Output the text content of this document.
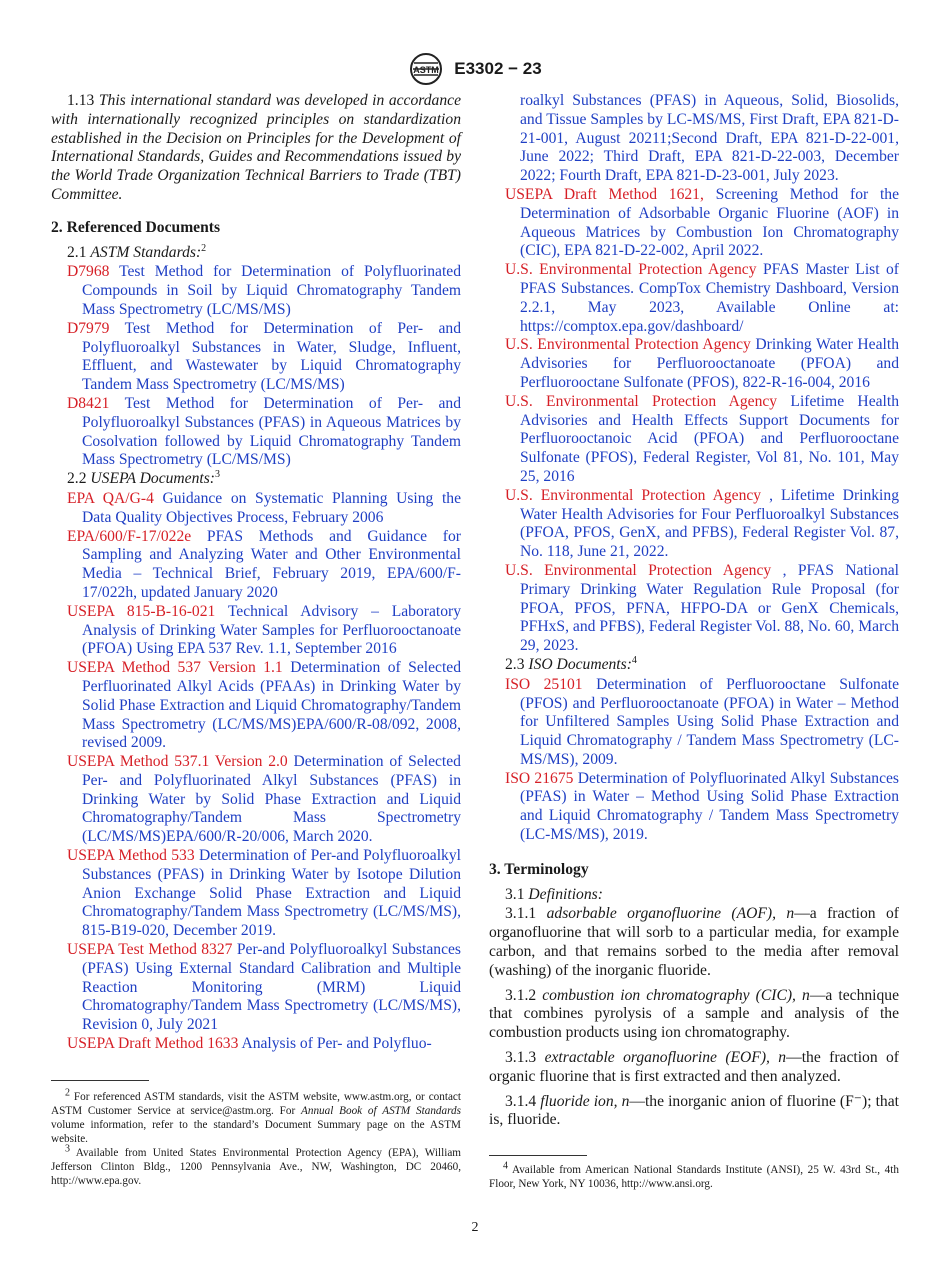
ASTM E3302 − 23

1.13 This international standard was developed in accordance with internationally recognized principles on standardization established in the Decision on Principles for the Development of International Standards, Guides and Recommendations issued by the World Trade Organization Technical Barriers to Trade (TBT) Committee.

2. Referenced Documents
2.1 ASTM Standards:$^2$

D7968 Test Method for Determination of Polyfluorinated Compounds in Soil by Liquid Chromatography Tandem Mass Spectrometry (LC/MS/MS)

D7979 Test Method for Determination of Per- and Polyfluoroalkyl Substances in Water, Sludge, Influent, Effluent, and Wastewater by Liquid Chromatography Tandem Mass Spectrometry (LC/MS/MS)

D8421 Test Method for Determination of Per- and Polyfluoroalkyl Substances (PFAS) in Aqueous Matrices by Cosolvation followed by Liquid Chromatography Tandem Mass Spectrometry (LC/MS/MS)

2.2 USEPA Documents:$^3$

EPA QA/G-4 Guidance on Systematic Planning Using the Data Quality Objectives Process, February 2006

EPA/600/F-17/022e PFAS Methods and Guidance for Sampling and Analyzing Water and Other Environmental Media – Technical Brief, February 2019, EPA/600/F-17/022h, updated January 2020

USEPA 815-B-16-021 Technical Advisory – Laboratory Analysis of Drinking Water Samples for Perfluorooctanoate (PFOA) Using EPA 537 Rev. 1.1, September 2016

USEPA Method 537 Version 1.1 Determination of Selected Perfluorinated Alkyl Acids (PFAAs) in Drinking Water by Solid Phase Extraction and Liquid Chromatography/Tandem Mass Spectrometry (LC/MS/MS)EPA/600/R-08/092, 2008, revised 2009.

USEPA Method 537.1 Version 2.0 Determination of Selected Per- and Polyfluorinated Alkyl Substances (PFAS) in Drinking Water by Solid Phase Extraction and Liquid Chromatography/Tandem Mass Spectrometry (LC/MS/MS)EPA/600/R-20/006, March 2020.

USEPA Method 533 Determination of Per-and Polyfluoroalkyl Substances (PFAS) in Drinking Water by Isotope Dilution Anion Exchange Solid Phase Extraction and Liquid Chromatography/Tandem Mass Spectrometry (LC/MS/MS), 815-B19-020, December 2019.

USEPA Test Method 8327 Per-and Polyfluoroalkyl Substances (PFAS) Using External Standard Calibration and Multiple Reaction Monitoring (MRM) Liquid Chromatography/Tandem Mass Spectrometry (LC/MS/MS), Revision 0, July 2021

USEPA Draft Method 1633 Analysis of Per- and Polyfluo-

$^2$ For referenced ASTM standards, visit the ASTM website, www.astm.org, or contact ASTM Customer Service at service@astm.org. For Annual Book of ASTM Standards volume information, refer to the standard’s Document Summary page on the ASTM website.

$^3$ Available from United States Environmental Protection Agency (EPA), William Jefferson Clinton Bldg., 1200 Pennsylvania Ave., NW, Washington, DC 20460, http://www.epa.gov.

roalkyl Substances (PFAS) in Aqueous, Solid, Biosolids, and Tissue Samples by LC-MS/MS, First Draft, EPA 821-D-21-001, August 20211;Second Draft, EPA 821-D-22-001, June 2022; Third Draft, EPA 821-D-22-003, December 2022; Fourth Draft, EPA 821-D-23-001, July 2023.

USEPA Draft Method 1621, Screening Method for the Determination of Adsorbable Organic Fluorine (AOF) in Aqueous Matrices by Combustion Ion Chromatography (CIC), EPA 821-D-22-002, April 2022.

U.S. Environmental Protection Agency PFAS Master List of PFAS Substances. CompTox Chemistry Dashboard, Version 2.2.1, May 2023, Available Online at: https://comptox.epa.gov/dashboard/

U.S. Environmental Protection Agency Drinking Water Health Advisories for Perfluorooctanoate (PFOA) and Perfluorooctane Sulfonate (PFOS), 822-R-16-004, 2016

U.S. Environmental Protection Agency Lifetime Health Advisories and Health Effects Support Documents for Perfluorooctanoic Acid (PFOA) and Perfluorooctane Sulfonate (PFOS), Federal Register, Vol 81, No. 101, May 25, 2016

U.S. Environmental Protection Agency , Lifetime Drinking Water Health Advisories for Four Perfluoroalkyl Substances (PFOA, PFOS, GenX, and PFBS), Federal Register Vol. 87, No. 118, June 21, 2022.

U.S. Environmental Protection Agency , PFAS National Primary Drinking Water Regulation Rule Proposal (for PFOA, PFOS, PFNA, HFPO-DA or GenX Chemicals, PFHxS, and PFBS), Federal Register Vol. 88, No. 60, March 29, 2023.

2.3 ISO Documents:$^4$

ISO 25101 Determination of Perfluorooctane Sulfonate (PFOS) and Perfluorooctanoate (PFOA) in Water – Method for Unfiltered Samples Using Solid Phase Extraction and Liquid Chromatography / Tandem Mass Spectrometry (LC-MS/MS), 2009.

ISO 21675 Determination of Polyfluorinated Alkyl Substances (PFAS) in Water – Method Using Solid Phase Extraction and Liquid Chromatography / Tandem Mass Spectrometry (LC-MS/MS), 2019.

3. Terminology
3.1 Definitions:

3.1.1 adsorbable organofluorine (AOF), n—a fraction of organofluorine that will sorb to a particular media, for example carbon, and that remains sorbed to the media after removal (washing) of the inorganic fluoride.

3.1.2 combustion ion chromatography (CIC), n—a technique that combines pyrolysis of a sample and analysis of the combustion products using ion chromatography.

3.1.3 extractable organofluorine (EOF), n—the fraction of organic fluorine that is first extracted and then analyzed.

3.1.4 fluoride ion, n—the inorganic anion of fluorine (F⁻); that is, fluoride.

$^4$ Available from American National Standards Institute (ANSI), 25 W. 43rd St., 4th Floor, New York, NY 10036, http://www.ansi.org.

2
